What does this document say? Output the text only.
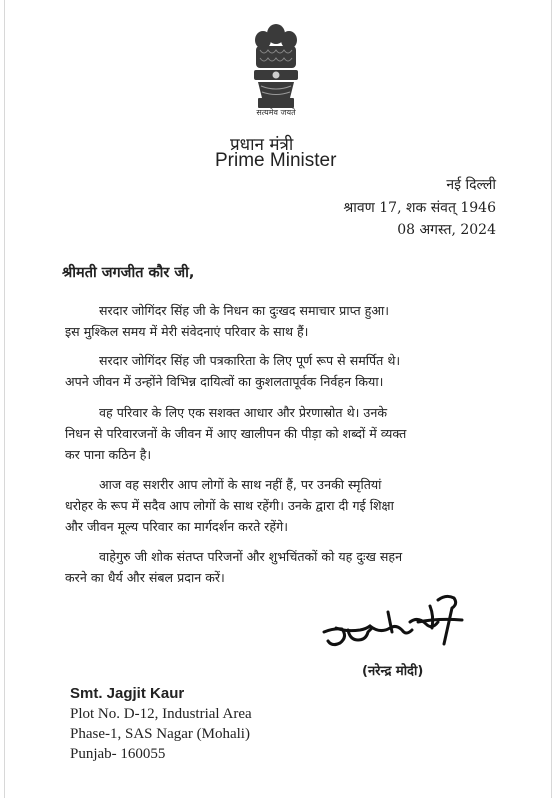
सत्यमेव जयते
प्रधान मंत्री
Prime Minister
नई दिल्ली
श्रावण 17, शक संवत् 1946
08 अगस्त, 2024
श्रीमती जगजीत कौर जी,
सरदार जोगिंदर सिंह जी के निधन का दुःखद समाचार प्राप्त हुआ।
इस मुश्किल समय में मेरी संवेदनाएं परिवार के साथ हैं।
सरदार जोगिंदर सिंह जी पत्रकारिता के लिए पूर्ण रूप से समर्पित थे।
अपने जीवन में उन्होंने विभिन्न दायित्वों का कुशलतापूर्वक निर्वहन किया।
वह परिवार के लिए एक सशक्त आधार और प्रेरणास्रोत थे। उनके
निधन से परिवारजनों के जीवन में आए खालीपन की पीड़ा को शब्दों में व्यक्त
कर पाना कठिन है।
आज वह सशरीर आप लोगों के साथ नहीं हैं, पर उनकी स्मृतियां
धरोहर के रूप में सदैव आप लोगों के साथ रहेंगी। उनके द्वारा दी गई शिक्षा
और जीवन मूल्य परिवार का मार्गदर्शन करते रहेंगे।
वाहेगुरु जी शोक संतप्त परिजनों और शुभचिंतकों को यह दुःख सहन
करने का धैर्य और संबल प्रदान करें।
(नरेन्द्र मोदी)
Smt. Jagjit Kaur
Plot No. D-12, Industrial Area
Phase-1, SAS Nagar (Mohali)
Punjab- 160055
